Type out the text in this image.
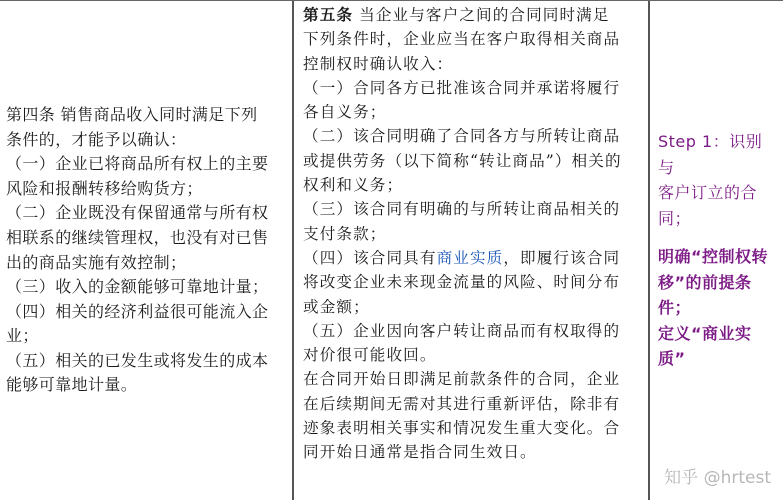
第四条 销售商品收入同时满足下列

条件的，才能予以确认：

（一）企业已将商品所有权上的主要

风险和报酬转移给购货方；

（二）企业既没有保留通常与所有权

相联系的继续管理权，也没有对已售

出的商品实施有效控制；

（三）收入的金额能够可靠地计量；

（四）相关的经济利益很可能流入企

业；

（五）相关的已发生或将发生的成本

能够可靠地计量。

第五条 当企业与客户之间的合同同时满足

下列条件时，企业应当在客户取得相关商品

控制权时确认收入：

（一）合同各方已批准该合同并承诺将履行

各自义务；

（二）该合同明确了合同各方与所转让商品

或提供劳务（以下简称“转让商品”）相关的

权利和义务；

（三）该合同有明确的与所转让商品相关的

支付条款；

（四）该合同具有商业实质，即履行该合同

将改变企业未来现金流量的风险、时间分布

或金额；

（五）企业因向客户转让商品而有权取得的

对价很可能收回。

在合同开始日即满足前款条件的合同，企业

在后续期间无需对其进行重新评估，除非有

迹象表明相关事实和情况发生重大变化。合

同开始日通常是指合同生效日。

Step 1：识别与

客户订立的合

同；

明确“控制权转

移”的前提条

件；

定义“商业实

质”

知乎 @hrtest
